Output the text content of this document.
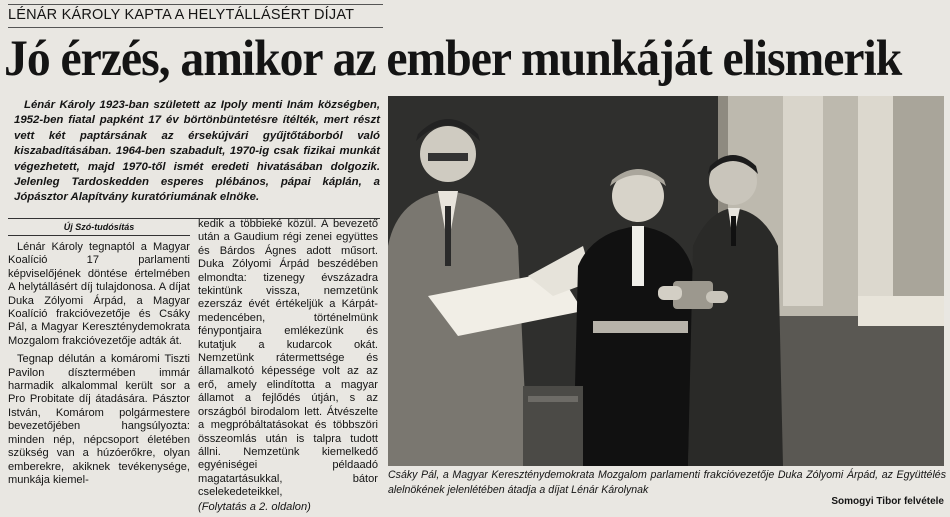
LÉNÁR KÁROLY KAPTA A HELYTÁLLÁSÉRT DÍJAT
Jó érzés, amikor az ember munkáját elismerik
Lénár Károly 1923-ban született az Ipoly menti Inám községben, 1952-ben fiatal papként 17 év börtönbüntetésre ítélték, mert részt vett két paptársának az érsekújvári gyűjtőtáborból való kiszabadításában. 1964-ben szabadult, 1970-ig csak fizikai munkát végezhetett, majd 1970-től ismét eredeti hivatásában dolgozik. Jelenleg Tardoskedden esperes plébános, pápai káplán, a Jópásztor Alapítvány kuratóriumának elnöke.
Új Szó-tudósítás

Lénár Károly tegnaptól a Magyar Koalíció 17 parlamenti képviselőjének döntése értelmében A helytállásért díj tulajdonosa. A díjat Duka Zólyomi Árpád, a Magyar Koalíció frakcióvezetője és Csáky Pál, a Magyar Kereszténydemokrata Mozgalom frakcióvezetője adták át.

Tegnap délután a komáromi Tiszti Pavilon dísztermében immár harmadik alkalommal került sor a Pro Probitate díj átadására. Pásztor István, Komárom polgármestere bevezetőjében hangsúlyozta: minden nép, népcsoport életében szükség van a húzóerőkre, olyan emberekre, akiknek tevékenysége, munkája kiemel-

kedik a többieké közül. A bevezető után a Gaudium régi zenei együttes és Bárdos Ágnes adott műsort. Duka Zólyomi Árpád beszédében elmondta: tizenegy évszázadra tekintünk vissza, nemzetünk ezerszáz évét értékeljük a Kárpát-medencében, történelmünk fénypontjaira emlékezünk és kutatjuk a kudarcok okát. Nemzetünk rátermettsége és államalkotó képessége volt az az erő, amely elindította a magyar államot a fejlődés útján, s az országból birodalom lett. Átvészelte a megpróbáltatásokat és többszöri összeomlás után is talpra tudott állni. Nemzetünk kiemelkedő egyéniségei példaadó magatartásukkal, bátor cselekedeteikkel,

(Folytatás a 2. oldalon)

Csáky Pál, a Magyar Kereszténydemokrata Mozgalom parlamenti frakcióvezetője Duka Zólyomi Árpád, az Együttélés alelnökének jelenlétében átadja a díjat Lénár Károlynak
Somogyi Tibor felvétele
